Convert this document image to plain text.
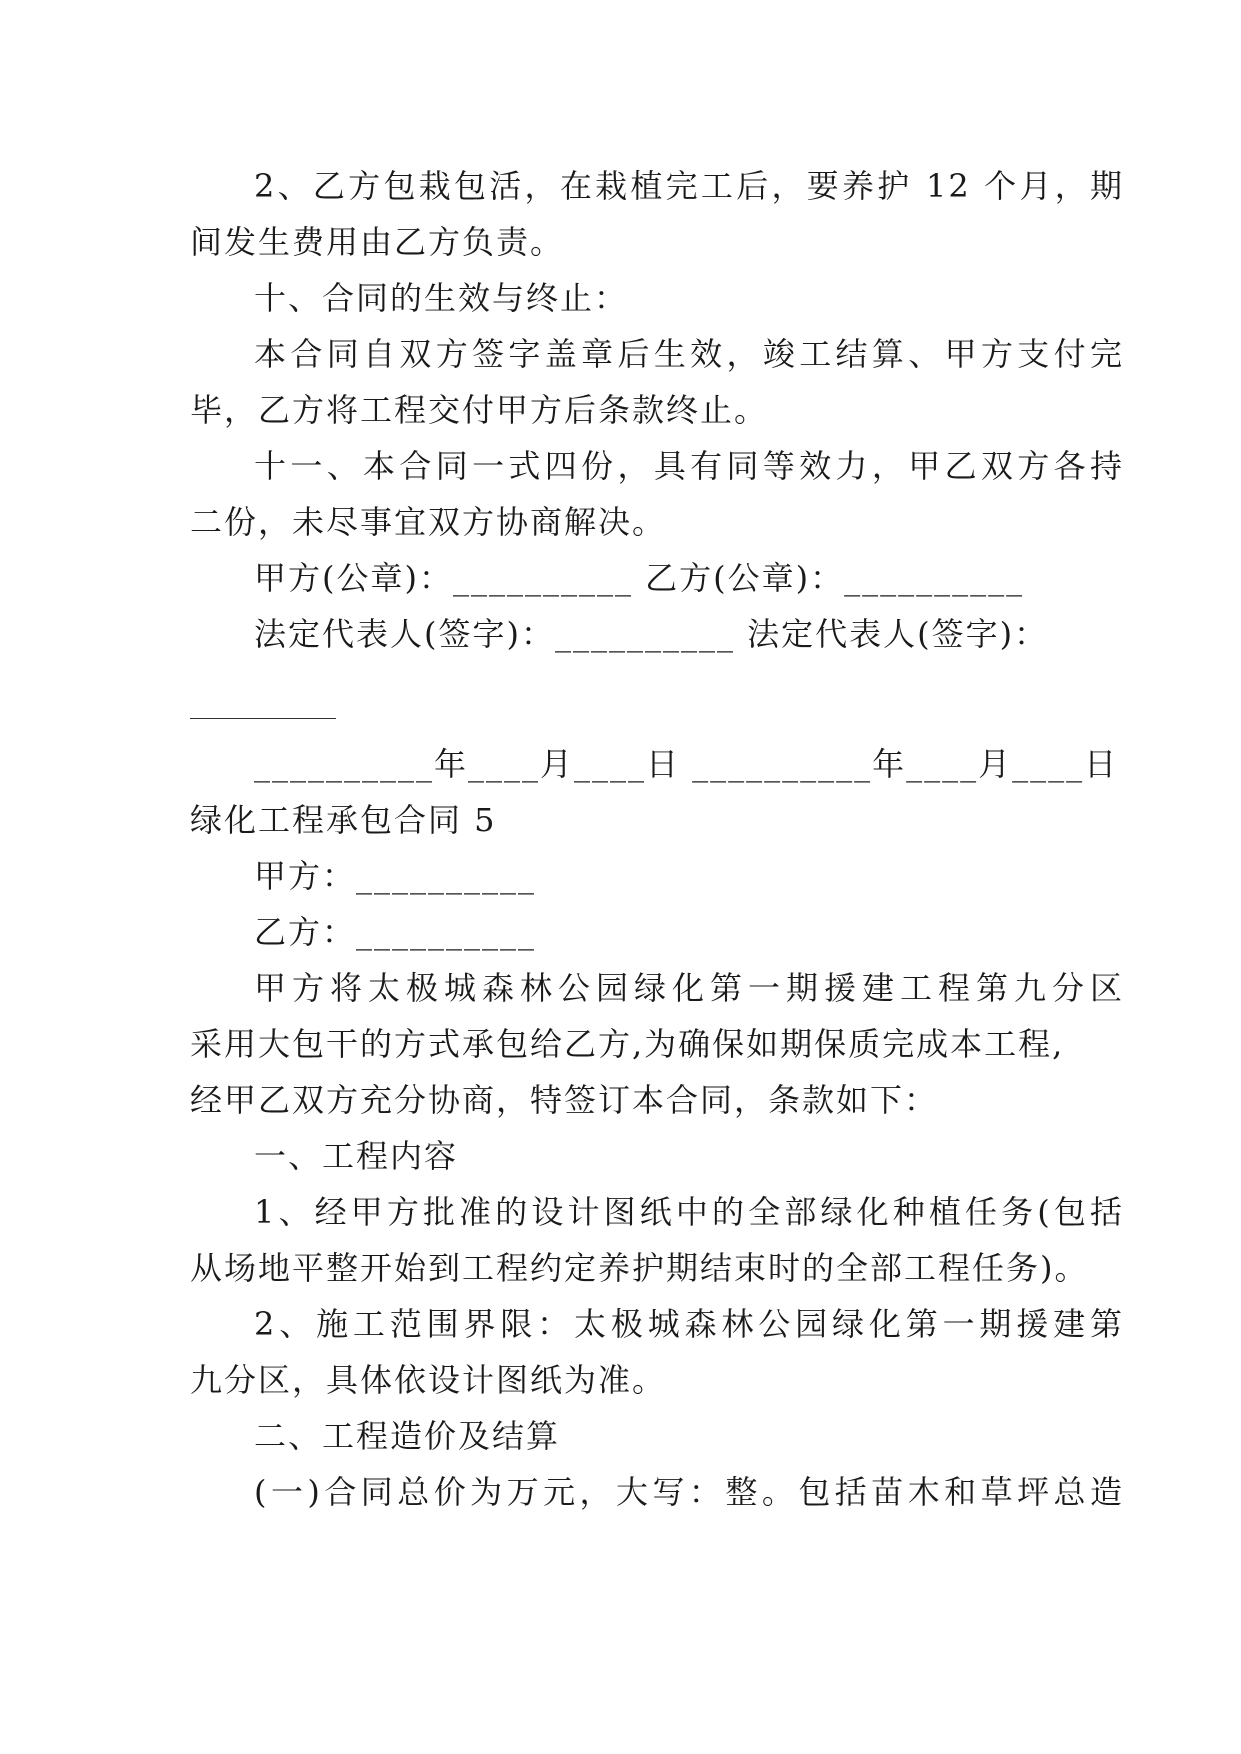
2、乙方包栽包活，在栽植完工后，要养护 12 个月，期
间发生费用由乙方负责。
十、合同的生效与终止：
本合同自双方签字盖章后生效，竣工结算、甲方支付完
毕，乙方将工程交付甲方后条款终止。
十一、本合同一式四份，具有同等效力，甲乙双方各持
二份，未尽事宜双方协商解决。
甲方(公章)：__________ 乙方(公章)：__________
法定代表人(签字)：__________ 法定代表人(签字)：
__________年____月____日 __________年____月____日
绿化工程承包合同 5
甲方：__________
乙方：__________
甲方将太极城森林公园绿化第一期援建工程第九分区
采用大包干的方式承包给乙方,为确保如期保质完成本工程,
经甲乙双方充分协商，特签订本合同，条款如下：
一、工程内容
1、经甲方批准的设计图纸中的全部绿化种植任务(包括
从场地平整开始到工程约定养护期结束时的全部工程任务)。
2、施工范围界限：太极城森林公园绿化第一期援建第
九分区，具体依设计图纸为准。
二、工程造价及结算
(一)合同总价为万元，大写：整。包括苗木和草坪总造
